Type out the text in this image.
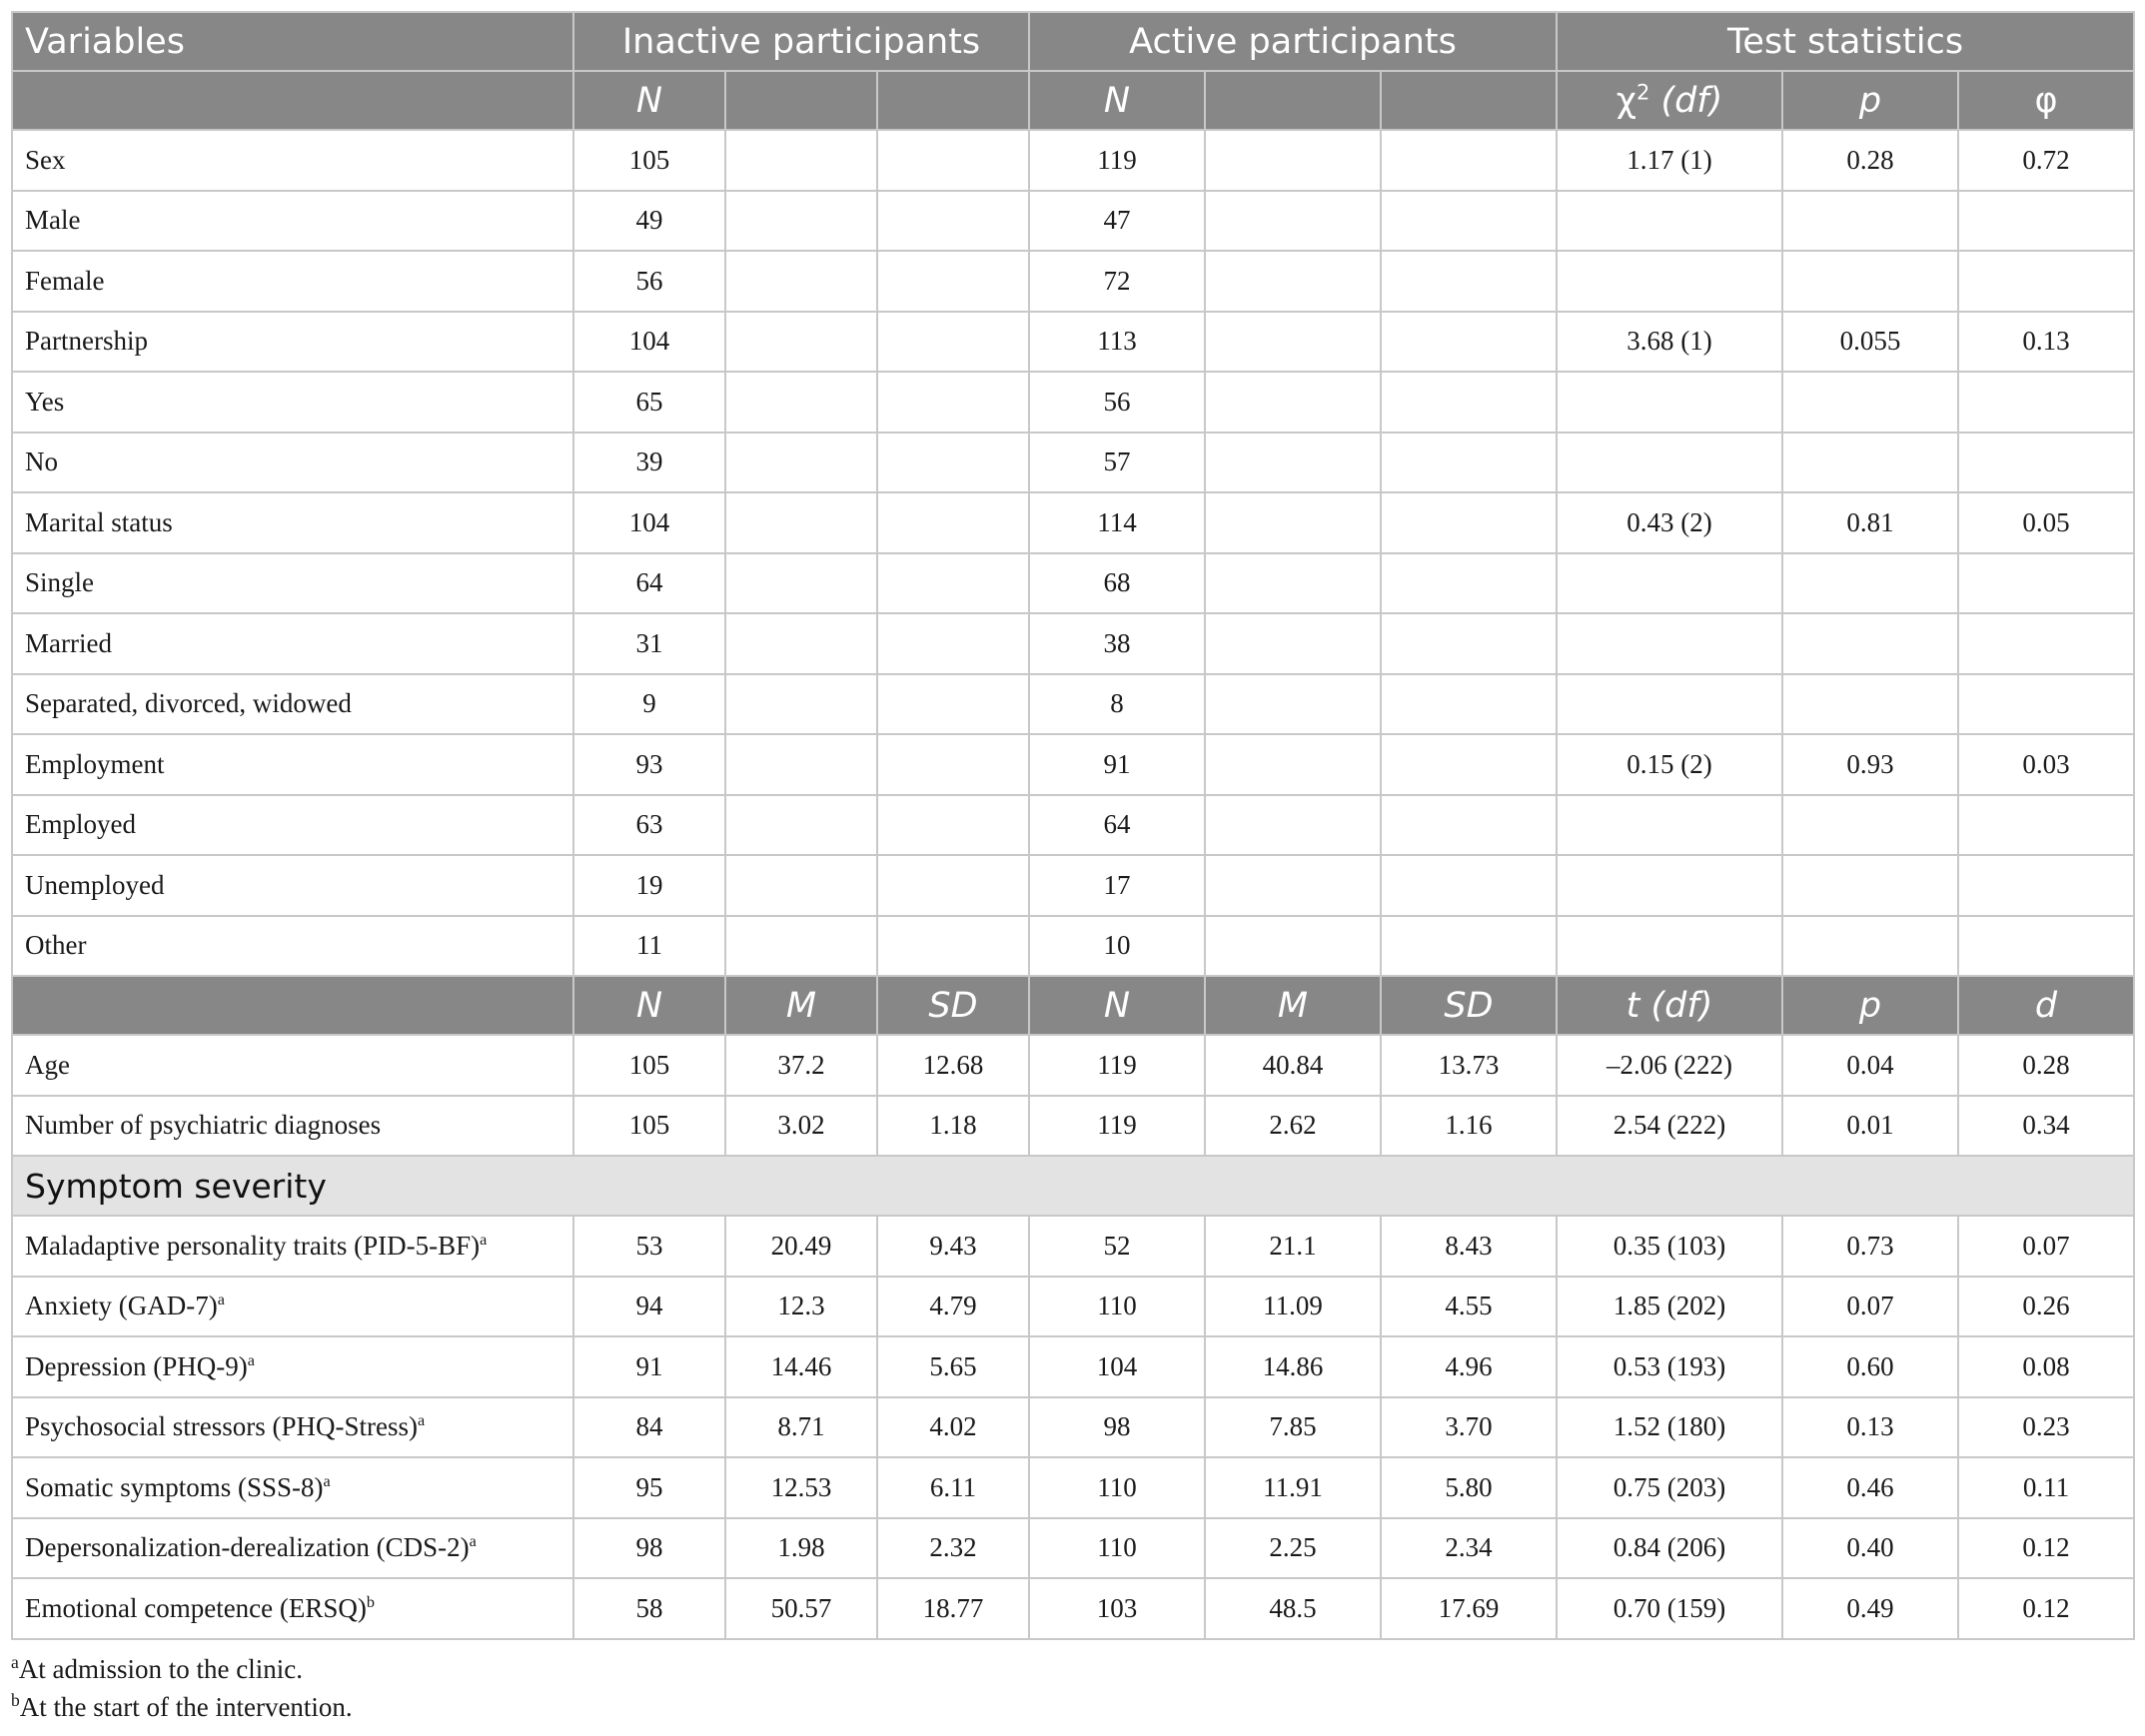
Variables	Inactive participants			Active participants			Test statistics		
	N			N			$\chi^2$ (df)	p	φ
Sex	105			119			1.17 (1)	0.28	0.72
Male	49			47					
Female	56			72					
Partnership	104			113			3.68 (1)	0.055	0.13
Yes	65			56					
No	39			57					
Marital status	104			114			0.43 (2)	0.81	0.05
Single	64			68					
Married	31			38					
Separated, divorced, widowed	9			8					
Employment	93			91			0.15 (2)	0.93	0.03
Employed	63			64					
Unemployed	19			17					
Other	11			10					
	N	M	SD	N	M	SD	t (df)	p	d
Age	105	37.2	12.68	119	40.84	13.73	–2.06 (222)	0.04	0.28
Number of psychiatric diagnoses	105	3.02	1.18	119	2.62	1.16	2.54 (222)	0.01	0.34
Symptom severity									
Maladaptive personality traits $(PID-5-BF)^a$	53	20.49	9.43	52	21.1	8.43	0.35 (103)	0.73	0.07
Anxiety $(GAD-7)^a$	94	12.3	4.79	110	11.09	4.55	1.85 (202)	0.07	0.26
Depression $(PHQ-9)^a$	91	14.46	5.65	104	14.86	4.96	0.53 (193)	0.60	0.08
Psychosocial stressors (PHQ-Stress)$^a$	84	8.71	4.02	98	7.85	3.70	1.52 (180)	0.13	0.23
Somatic symptoms $(SSS-8)^a$	95	12.53	6.11	110	11.91	5.80	0.75 (203)	0.46	0.11
Depersonalization-derealization $(CDS-2)^a$	98	1.98	2.32	110	2.25	2.34	0.84 (206)	0.40	0.12
Emotional competence (ERSQ)$^b$	58	50.57	18.77	103	48.5	17.69	0.70 (159)	0.49	0.12
$^a$At admission to the clinic.
$^b$At the start of the intervention.
